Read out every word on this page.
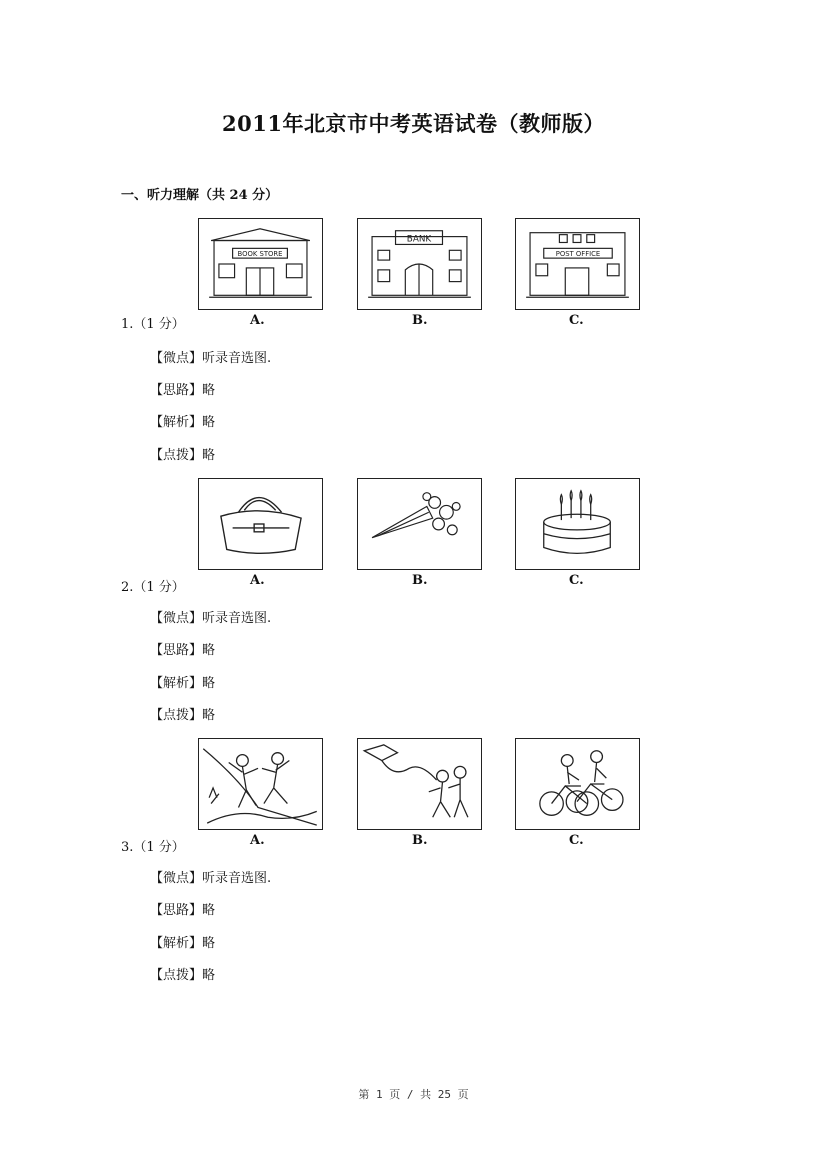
2011年北京市中考英语试卷（教师版）
一、听力理解（共 24 分）
BOOK STORE
BANK
POST OFFICE
A.	B.	C.
1.（1 分）
【微点】听录音选图.
【思路】略
【解析】略
【点拨】略
A.	B.	C.
2.（1 分）
【微点】听录音选图.
【思路】略
【解析】略
【点拨】略
A.	B.	C.
3.（1 分）
【微点】听录音选图.
【思路】略
【解析】略
【点拨】略
第 1 页 / 共 25 页
